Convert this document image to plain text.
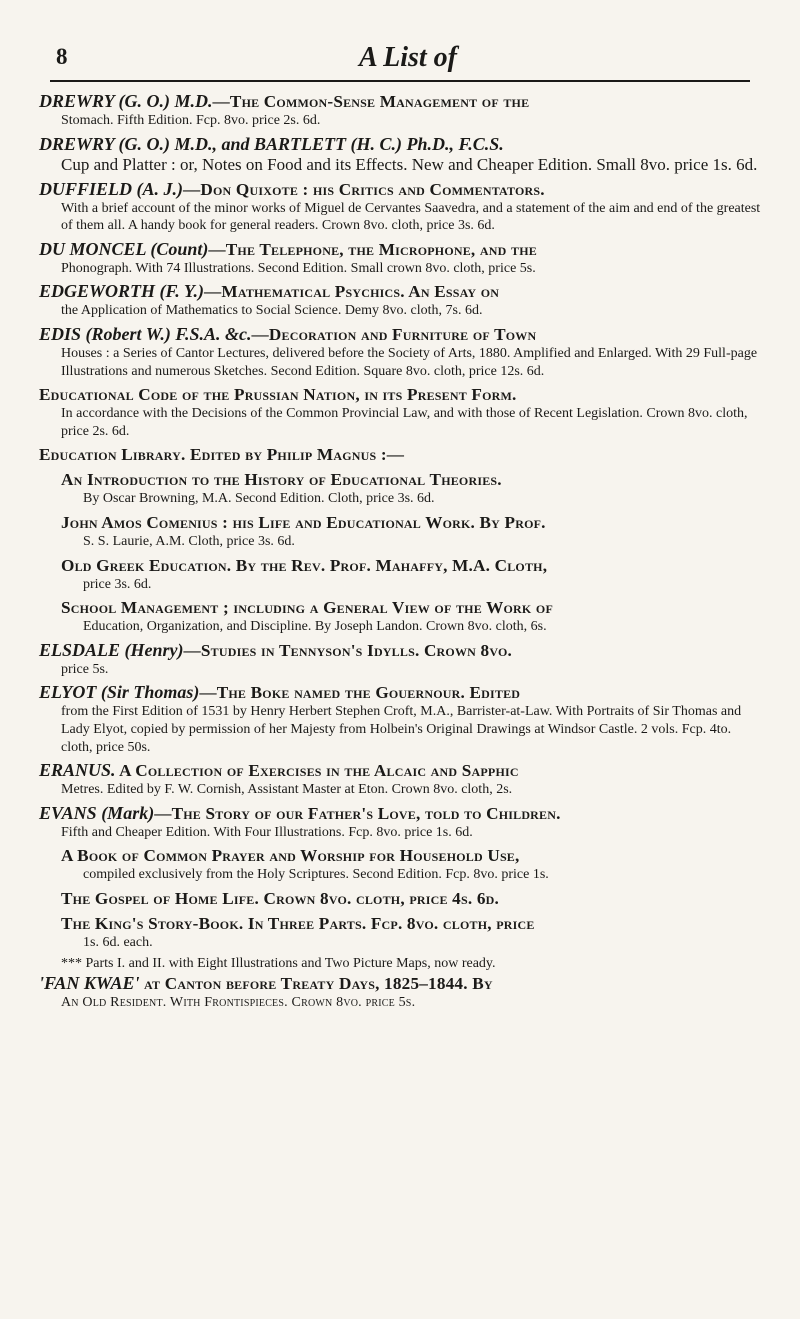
8	A List of
DREWRY (G. O.) M.D.—The Common-Sense Management of the
Stomach. Fifth Edition. Fcp. 8vo. price 2s. 6d.
DREWRY (G. O.) M.D., and BARTLETT (H. C.) Ph.D., F.C.S.
Cup and Platter : or, Notes on Food and its Effects. New and Cheaper Edition. Small 8vo. price 1s. 6d.
DUFFIELD (A. J.)—Don Quixote : his Critics and Commentators.
With a brief account of the minor works of Miguel de Cervantes Saavedra, and a statement of the aim and end of the greatest of them all. A handy book for general readers. Crown 8vo. cloth, price 3s. 6d.
DU MONCEL (Count)—The Telephone, the Microphone, and the
Phonograph. With 74 Illustrations. Second Edition. Small crown 8vo. cloth, price 5s.
EDGEWORTH (F. Y.)—Mathematical Psychics. An Essay on
the Application of Mathematics to Social Science. Demy 8vo. cloth, 7s. 6d.
EDIS (Robert W.) F.S.A. &c.—Decoration and Furniture of Town
Houses : a Series of Cantor Lectures, delivered before the Society of Arts, 1880. Amplified and Enlarged. With 29 Full-page Illustrations and numerous Sketches. Second Edition. Square 8vo. cloth, price 12s. 6d.
Educational Code of the Prussian Nation, in its Present Form.
In accordance with the Decisions of the Common Provincial Law, and with those of Recent Legislation. Crown 8vo. cloth, price 2s. 6d.
Education Library. Edited by Philip Magnus :—
An Introduction to the History of Educational Theories.
By Oscar Browning, M.A. Second Edition. Cloth, price 3s. 6d.
John Amos Comenius : his Life and Educational Work. By Prof.
S. S. Laurie, A.M. Cloth, price 3s. 6d.
Old Greek Education. By the Rev. Prof. Mahaffy, M.A. Cloth,
price 3s. 6d.
School Management ; including a General View of the Work of
Education, Organization, and Discipline. By Joseph Landon. Crown 8vo. cloth, 6s.
ELSDALE (Henry)—Studies in Tennyson's Idylls. Crown 8vo.
price 5s.
ELYOT (Sir Thomas)—The Boke named the Gouernour. Edited
from the First Edition of 1531 by Henry Herbert Stephen Croft, M.A., Barrister-at-Law. With Portraits of Sir Thomas and Lady Elyot, copied by permission of her Majesty from Holbein's Original Drawings at Windsor Castle. 2 vols. Fcp. 4to. cloth, price 50s.
ERANUS. A Collection of Exercises in the Alcaic and Sapphic
Metres. Edited by F. W. Cornish, Assistant Master at Eton. Crown 8vo. cloth, 2s.
EVANS (Mark)—The Story of our Father's Love, told to Children.
Fifth and Cheaper Edition. With Four Illustrations. Fcp. 8vo. price 1s. 6d.
A Book of Common Prayer and Worship for Household Use,
compiled exclusively from the Holy Scriptures. Second Edition. Fcp. 8vo. price 1s.
The Gospel of Home Life. Crown 8vo. cloth, price 4s. 6d.
The King's Story-Book. In Three Parts. Fcp. 8vo. cloth, price
1s. 6d. each.
*** Parts I. and II. with Eight Illustrations and Two Picture Maps, now ready.
'FAN KWAE' at Canton before Treaty Days, 1825–1844. By
An Old Resident. With Frontispieces. Crown 8vo. price 5s.
